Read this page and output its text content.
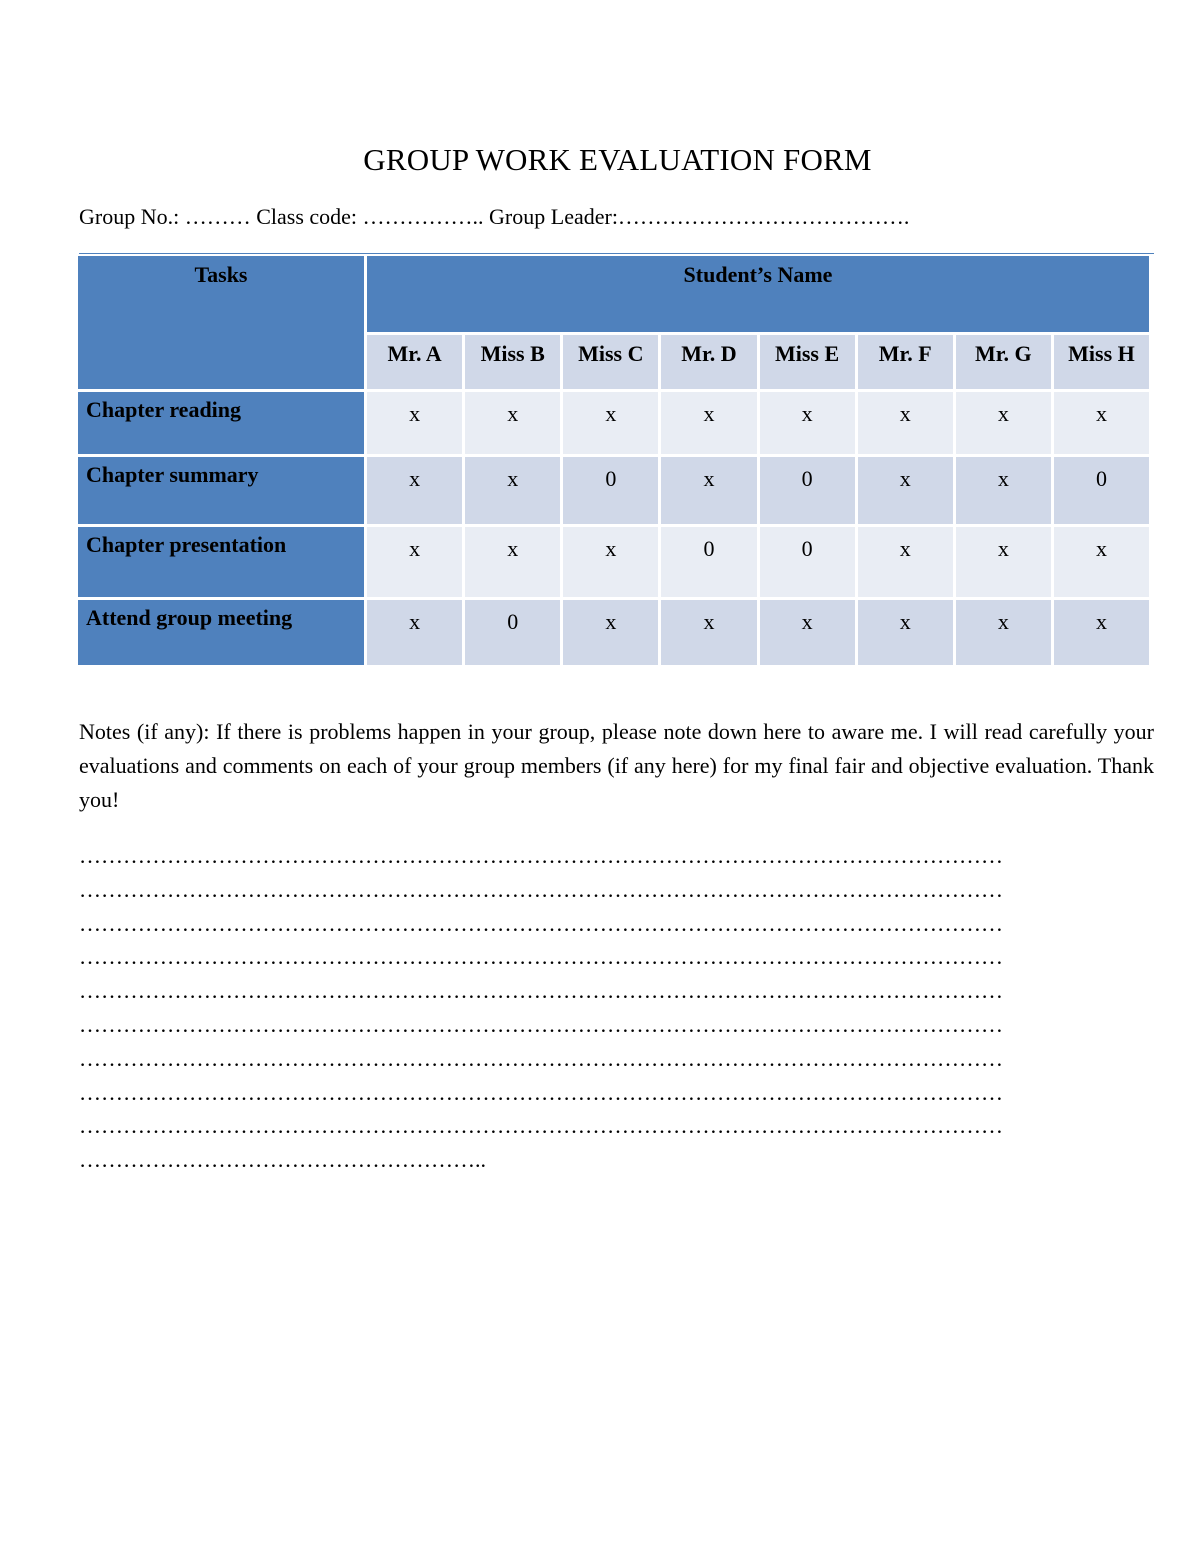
GROUP WORK EVALUATION FORM
Group No.: ……… Class code: …………….. Group Leader:………………………………….
Tasks	Student’s Name							
	Mr. A	Miss B	Miss C	Mr. D	Miss E	Mr. F	Mr. G	Miss H
Chapter reading	x	x	x	x	x	x	x	x
Chapter summary	x	x	0	x	0	x	x	0
Chapter presentation	x	x	x	0	0	x	x	x
Attend group meeting	x	0	x	x	x	x	x	x
Notes (if any): If there is problems happen in your group, please note down here to aware me. I will read carefully your evaluations and comments on each of your group members (if any here) for my final fair and objective evaluation. Thank you!
………………………………………………………………………………………………………………
………………………………………………………………………………………………………………
………………………………………………………………………………………………………………
………………………………………………………………………………………………………………
………………………………………………………………………………………………………………
………………………………………………………………………………………………………………
………………………………………………………………………………………………………………
………………………………………………………………………………………………………………
………………………………………………………………………………………………………………
………………………………………………..
